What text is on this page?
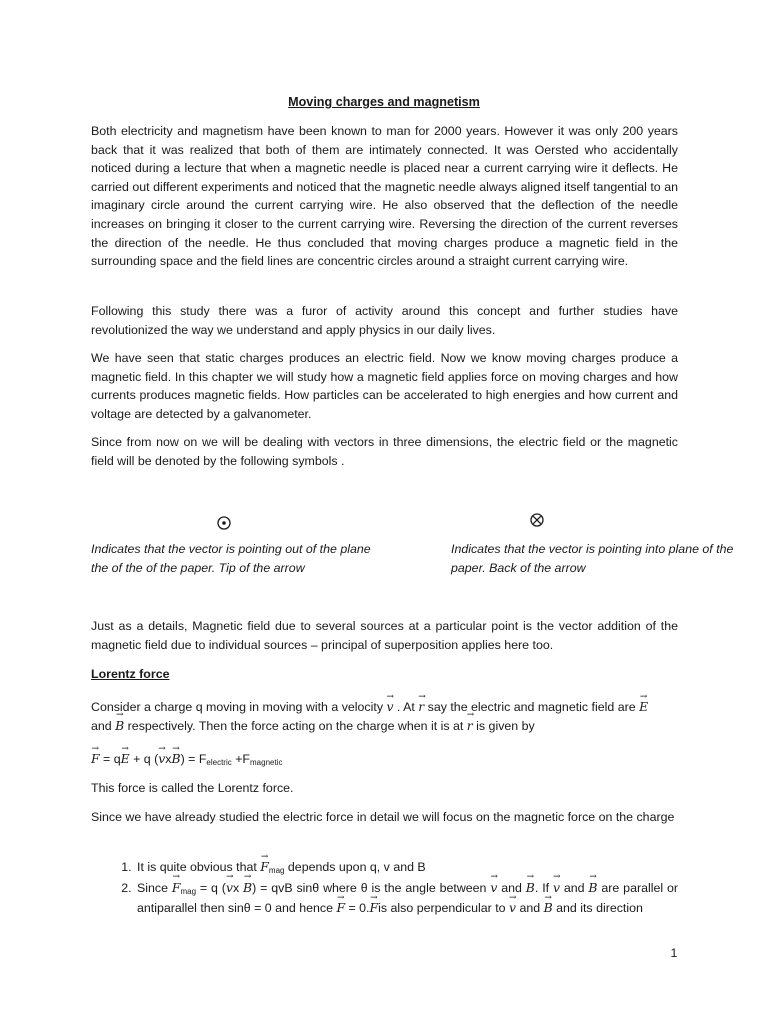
Moving charges and magnetism
Both electricity and magnetism have been known to man for 2000 years. However it was only 200 years back that it was realized that both of them are intimately connected. It was Oersted who accidentally noticed during a lecture that when a magnetic needle is placed near a current carrying wire it deflects. He carried out different experiments and noticed that the magnetic needle always aligned itself tangential to an imaginary circle around the current carrying wire. He also observed that the deflection of the needle increases on bringing it closer to the current carrying wire. Reversing the direction of the current reverses the direction of the needle. He thus concluded that moving charges produce a magnetic field in the surrounding space and the field lines are concentric circles around a straight current carrying wire.
Following this study there was a furor of activity around this concept and further studies have revolutionized the way we understand and apply physics in our daily lives.
We have seen that static charges produces an electric field. Now we know moving charges produce a magnetic field. In this chapter we will study how a magnetic field applies force on moving charges and how currents produces magnetic fields. How particles can be accelerated to high energies and how current and voltage are detected by a galvanometer.
Since from now on we will be dealing with vectors in three dimensions, the electric field or the magnetic field will be denoted by the following symbols .
Indicates that the vector is pointing out of the plane the of the of the paper. Tip of the arrow
Indicates that the vector is pointing into plane of the paper. Back of the arrow
Just as a details, Magnetic field due to several sources at a particular point is the vector addition of the magnetic field due to individual sources – principal of superposition applies here too.
Lorentz force
Consider a charge q moving in moving with a velocity → v . At → r say the electric and magnetic field are → E
and → B respectively. Then the force acting on the charge when it is at → r is given by
→ F = q→ E + q (→ vx→ B) = Felectric +Fmagnetic
This force is called the Lorentz force.
Since we have already studied the electric force in detail we will focus on the magnetic force on the charge
1. It is quite obvious that → Fmag depends upon q, v and B
2. Since → Fmag = q (→ vx → B) = qvB sinθ where θ is the angle between → v and → B. If → v and → B are parallel or antiparallel then sinθ = 0 and hence → F = 0.→ Fis also perpendicular to → v and → B and its direction
1
